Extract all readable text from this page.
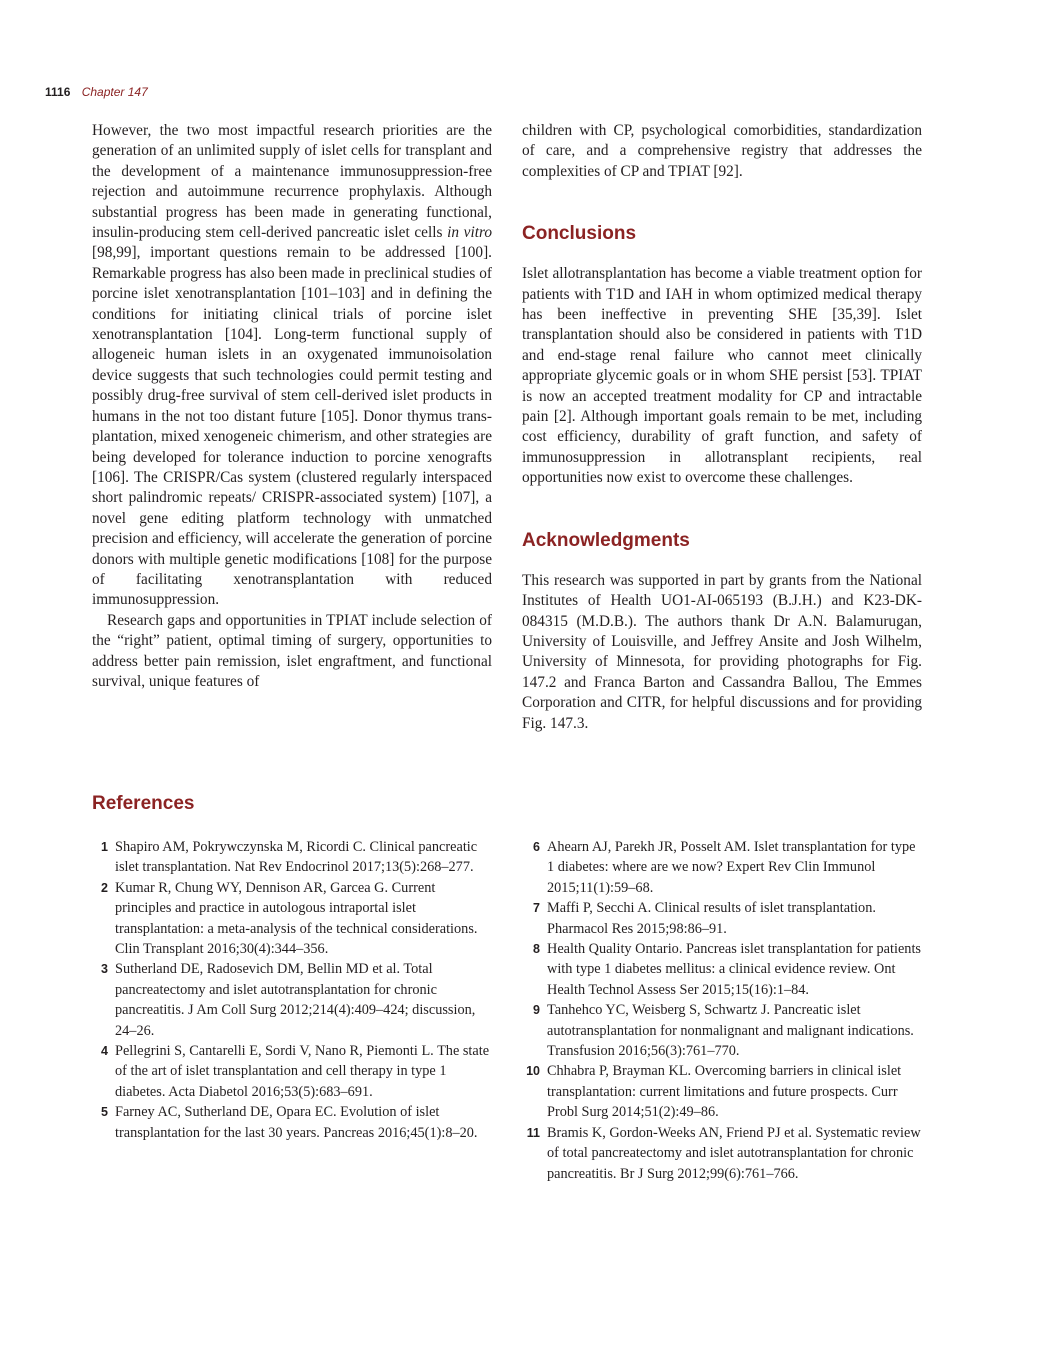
1116 Chapter 147

However, the two most impactful research priorities are the generation of an unlimited supply of islet cells for transplant and the development of a maintenance immunosuppression-free rejection and autoimmune recurrence prophylaxis. Although substantial progress has been made in generating functional, insulin-producing stem cell-derived pancreatic islet cells in vitro [98,99], important questions remain to be addressed [100]. Remarkable progress has also been made in preclinical studies of porcine islet xenotransplantation [101–103] and in defining the conditions for initiating clinical trials of porcine islet xenotransplantation [104]. Long-term functional supply of allogeneic human islets in an oxygenated immunoisolation device suggests that such technologies could permit testing and possibly drug-free survival of stem cell-derived islet products in humans in the not too distant future [105]. Donor thymus transplantation, mixed xenogeneic chimerism, and other strategies are being developed for tolerance induction to porcine xenografts [106]. The CRISPR/Cas system (clustered regularly interspaced short palindromic repeats/ CRISPR-associated system) [107], a novel gene editing platform technology with unmatched precision and efficiency, will accelerate the generation of porcine donors with multiple genetic modifications [108] for the purpose of facilitating xenotransplantation with reduced immunosuppression.

Research gaps and opportunities in TPIAT include selection of the “right” patient, optimal timing of surgery, opportunities to address better pain remission, islet engraftment, and functional survival, unique features of

children with CP, psychological comorbidities, standardization of care, and a comprehensive registry that addresses the complexities of CP and TPIAT [92].

Conclusions

Islet allotransplantation has become a viable treatment option for patients with T1D and IAH in whom optimized medical therapy has been ineffective in preventing SHE [35,39]. Islet transplantation should also be considered in patients with T1D and end-stage renal failure who cannot meet clinically appropriate glycemic goals or in whom SHE persist [53]. TPIAT is now an accepted treatment modality for CP and intractable pain [2]. Although important goals remain to be met, including cost efficiency, durability of graft function, and safety of immunosuppression in allotransplant recipients, real opportunities now exist to overcome these challenges.

Acknowledgments

This research was supported in part by grants from the National Institutes of Health UO1-AI-065193 (B.J.H.) and K23-DK-084315 (M.D.B.). The authors thank Dr A.N. Balamurugan, University of Louisville, and Jeffrey Ansite and Josh Wilhelm, University of Minnesota, for providing photographs for Fig. 147.2 and Franca Barton and Cassandra Ballou, The Emmes Corporation and CITR, for helpful discussions and for providing Fig. 147.3.

References
1 Shapiro AM, Pokrywczynska M, Ricordi C. Clinical pancreatic islet transplantation. Nat Rev Endocrinol 2017;13(5):268–277.
2 Kumar R, Chung WY, Dennison AR, Garcea G. Current principles and practice in autologous intraportal islet transplantation: a meta-analysis of the technical considerations. Clin Transplant 2016;30(4):344–356.
3 Sutherland DE, Radosevich DM, Bellin MD et al. Total pancreatectomy and islet autotransplantation for chronic pancreatitis. J Am Coll Surg 2012;214(4):409–424; discussion, 24–26.
4 Pellegrini S, Cantarelli E, Sordi V, Nano R, Piemonti L. The state of the art of islet transplantation and cell therapy in type 1 diabetes. Acta Diabetol 2016;53(5):683–691.
5 Farney AC, Sutherland DE, Opara EC. Evolution of islet transplantation for the last 30 years. Pancreas 2016;45(1):8–20.
6 Ahearn AJ, Parekh JR, Posselt AM. Islet transplantation for type 1 diabetes: where are we now? Expert Rev Clin Immunol 2015;11(1):59–68.
7 Maffi P, Secchi A. Clinical results of islet transplantation. Pharmacol Res 2015;98:86–91.
8 Health Quality Ontario. Pancreas islet transplantation for patients with type 1 diabetes mellitus: a clinical evidence review. Ont Health Technol Assess Ser 2015;15(16):1–84.
9 Tanhehco YC, Weisberg S, Schwartz J. Pancreatic islet autotransplantation for nonmalignant and malignant indications. Transfusion 2016;56(3):761–770.
10 Chhabra P, Brayman KL. Overcoming barriers in clinical islet transplantation: current limitations and future prospects. Curr Probl Surg 2014;51(2):49–86.
11 Bramis K, Gordon-Weeks AN, Friend PJ et al. Systematic review of total pancreatectomy and islet autotransplantation for chronic pancreatitis. Br J Surg 2012;99(6):761–766.
